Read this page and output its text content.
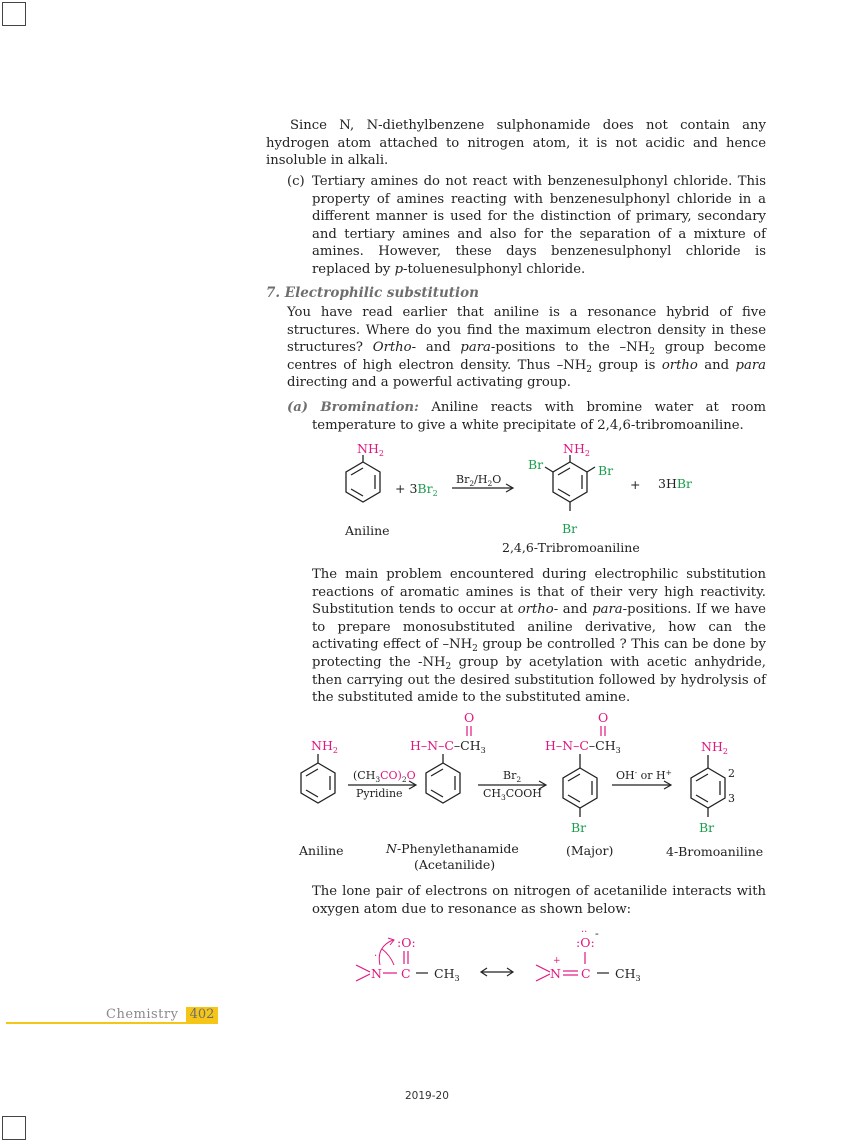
Since N, N-diethylbenzene sulphonamide does not contain any hydrogen atom attached to nitrogen atom, it is not acidic and hence insoluble in alkali.

(c) Tertiary amines do not react with benzenesulphonyl chloride. This property of amines reacting with benzenesulphonyl chloride in a different manner is used for the distinction of primary, secondary and tertiary amines and also for the separation of a mixture of amines. However, these days benzenesulphonyl chloride is replaced by p-toluenesulphonyl chloride.

7. Electrophilic substitution

You have read earlier that aniline is a resonance hybrid of five structures. Where do you find the maximum electron density in these structures? Ortho- and para-positions to the $-NH_2$ group become centres of high electron density. Thus $-NH_2$ group is ortho and para directing and a powerful activating group.

(a) Bromination: Aniline reacts with bromine water at room temperature to give a white precipitate of 2,4,6-tribromoaniline.

$NH_2$
+ $3Br_2$
$Br_2/H_2O$
$NH_2$
Br	Br
Br
+ 3HBr
Aniline
2,4,6-Tribromoaniline

The main problem encountered during electrophilic substitution reactions of aromatic amines is that of their very high reactivity. Substitution tends to occur at ortho- and para-positions. If we have to prepare monosubstituted aniline derivative, how can the activating effect of $-NH_2$ group be controlled ? This can be done by protecting the $-NH_2$ group by acetylation with acetic anhydride, then carrying out the desired substitution followed by hydrolysis of the substituted amide to the substituted amine.

$NH_2$
$(CH_3CO)_2O$
Pyridine
O
$H-N-C-CH_3$
$Br_2$
$CH_3COOH$
O
$H-N-C-CH_3$
Br
OH- or H+
$NH_2$
2
3
Br
Aniline	N-Phenylethanamide
(Acetanilide)
(Major)	4-Bromoaniline

The lone pair of electrons on nitrogen of acetanilide interacts with oxygen atom due to resonance as shown below:

:O:
· ·
N C $CH_3$
:O:
·· -
+
N C $CH_3$
Chemistry 402
2019-20
